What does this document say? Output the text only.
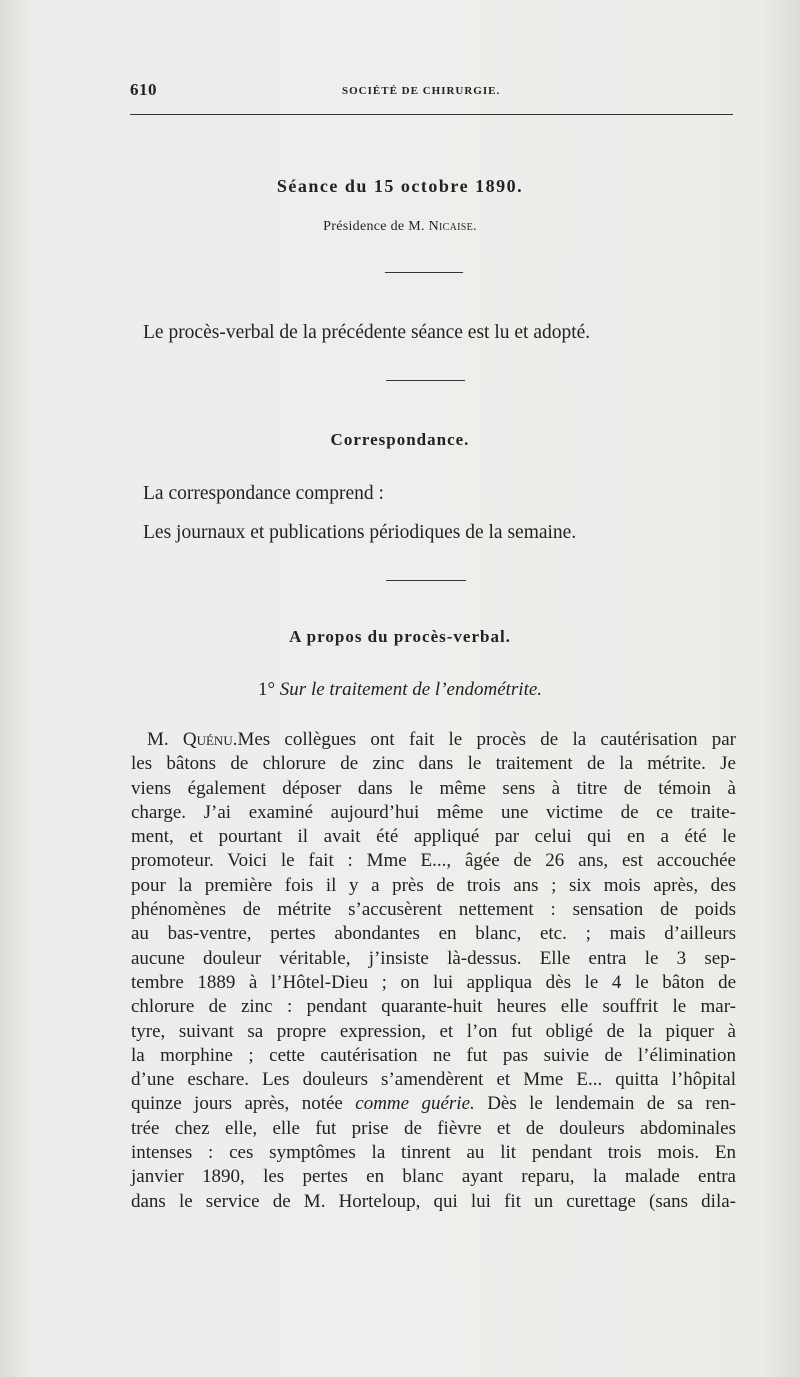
610	SOCIÉTÉ DE CHIRURGIE.
Séance du 15 octobre 1890.
Présidence de M. Nicaise.
Le procès-verbal de la précédente séance est lu et adopté.
Correspondance.
La correspondance comprend :
Les journaux et publications périodiques de la semaine.
A propos du procès-verbal.
1° Sur le traitement de l’endométrite.
M. Quénu.Mes collègues ont fait le procès de la cautérisation par
les bâtons de chlorure de zinc dans le traitement de la métrite. Je
viens également déposer dans le même sens à titre de témoin à
charge. J’ai examiné aujourd’hui même une victime de ce traite-
ment, et pourtant il avait été appliqué par celui qui en a été le
promoteur. Voici le fait : Mme E..., âgée de 26 ans, est accouchée
pour la première fois il y a près de trois ans ; six mois après, des
phénomènes de métrite s’accusèrent nettement : sensation de poids
au bas-ventre, pertes abondantes en blanc, etc. ; mais d’ailleurs
aucune douleur véritable, j’insiste là-dessus. Elle entra le 3 sep-
tembre 1889 à l’Hôtel-Dieu ; on lui appliqua dès le 4 le bâton de
chlorure de zinc : pendant quarante-huit heures elle souffrit le mar-
tyre, suivant sa propre expression, et l’on fut obligé de la piquer à
la morphine ; cette cautérisation ne fut pas suivie de l’élimination
d’une eschare. Les douleurs s’amendèrent et Mme E... quitta l’hôpital
quinze jours après, notée comme guérie. Dès le lendemain de sa ren-
trée chez elle, elle fut prise de fièvre et de douleurs abdominales
intenses : ces symptômes la tinrent au lit pendant trois mois. En
janvier 1890, les pertes en blanc ayant reparu, la malade entra
dans le service de M. Horteloup, qui lui fit un curettage (sans dila-
